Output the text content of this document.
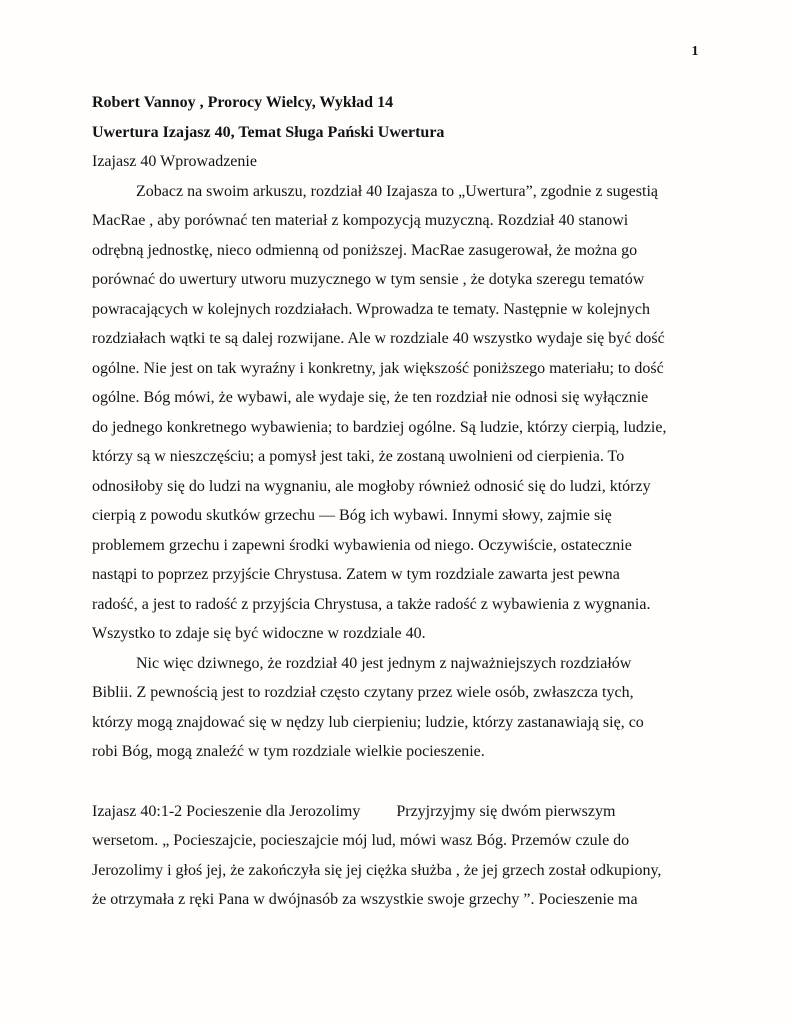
1
Robert Vannoy , Prorocy Wielcy, Wykład 14
Uwertura Izajasz 40, Temat Sługa Pański Uwertura
Izajasz 40 Wprowadzenie
Zobacz na swoim arkuszu, rozdział 40 Izajasza to „Uwertura”, zgodnie z sugestią
MacRae , aby porównać ten materiał z kompozycją muzyczną. Rozdział 40 stanowi
odrębną jednostkę, nieco odmienną od poniższej. MacRae zasugerował, że można go
porównać do uwertury utworu muzycznego w tym sensie , że dotyka szeregu tematów
powracających w kolejnych rozdziałach. Wprowadza te tematy. Następnie w kolejnych
rozdziałach wątki te są dalej rozwijane. Ale w rozdziale 40 wszystko wydaje się być dość
ogólne. Nie jest on tak wyraźny i konkretny, jak większość poniższego materiału; to dość
ogólne. Bóg mówi, że wybawi, ale wydaje się, że ten rozdział nie odnosi się wyłącznie
do jednego konkretnego wybawienia; to bardziej ogólne. Są ludzie, którzy cierpią, ludzie,
którzy są w nieszczęściu; a pomysł jest taki, że zostaną uwolnieni od cierpienia. To
odnosiłoby się do ludzi na wygnaniu, ale mogłoby również odnosić się do ludzi, którzy
cierpią z powodu skutków grzechu — Bóg ich wybawi. Innymi słowy, zajmie się
problemem grzechu i zapewni środki wybawienia od niego. Oczywiście, ostatecznie
nastąpi to poprzez przyjście Chrystusa. Zatem w tym rozdziale zawarta jest pewna
radość, a jest to radość z przyjścia Chrystusa, a także radość z wybawienia z wygnania.
Wszystko to zdaje się być widoczne w rozdziale 40.
Nic więc dziwnego, że rozdział 40 jest jednym z najważniejszych rozdziałów
Biblii. Z pewnością jest to rozdział często czytany przez wiele osób, zwłaszcza tych,
którzy mogą znajdować się w nędzy lub cierpieniu; ludzie, którzy zastanawiają się, co
robi Bóg, mogą znaleźć w tym rozdziale wielkie pocieszenie.
Izajasz 40:1-2 Pocieszenie dla Jerozolimy   Przyjrzyjmy się dwóm pierwszym
wersetom. „ Pocieszajcie, pocieszajcie mój lud, mówi wasz Bóg. Przemów czule do
Jerozolimy i głoś jej, że zakończyła się jej ciężka służba , że jej grzech został odkupiony,
że otrzymała z ręki Pana w dwójnasób za wszystkie swoje grzechy ”. Pocieszenie ma
